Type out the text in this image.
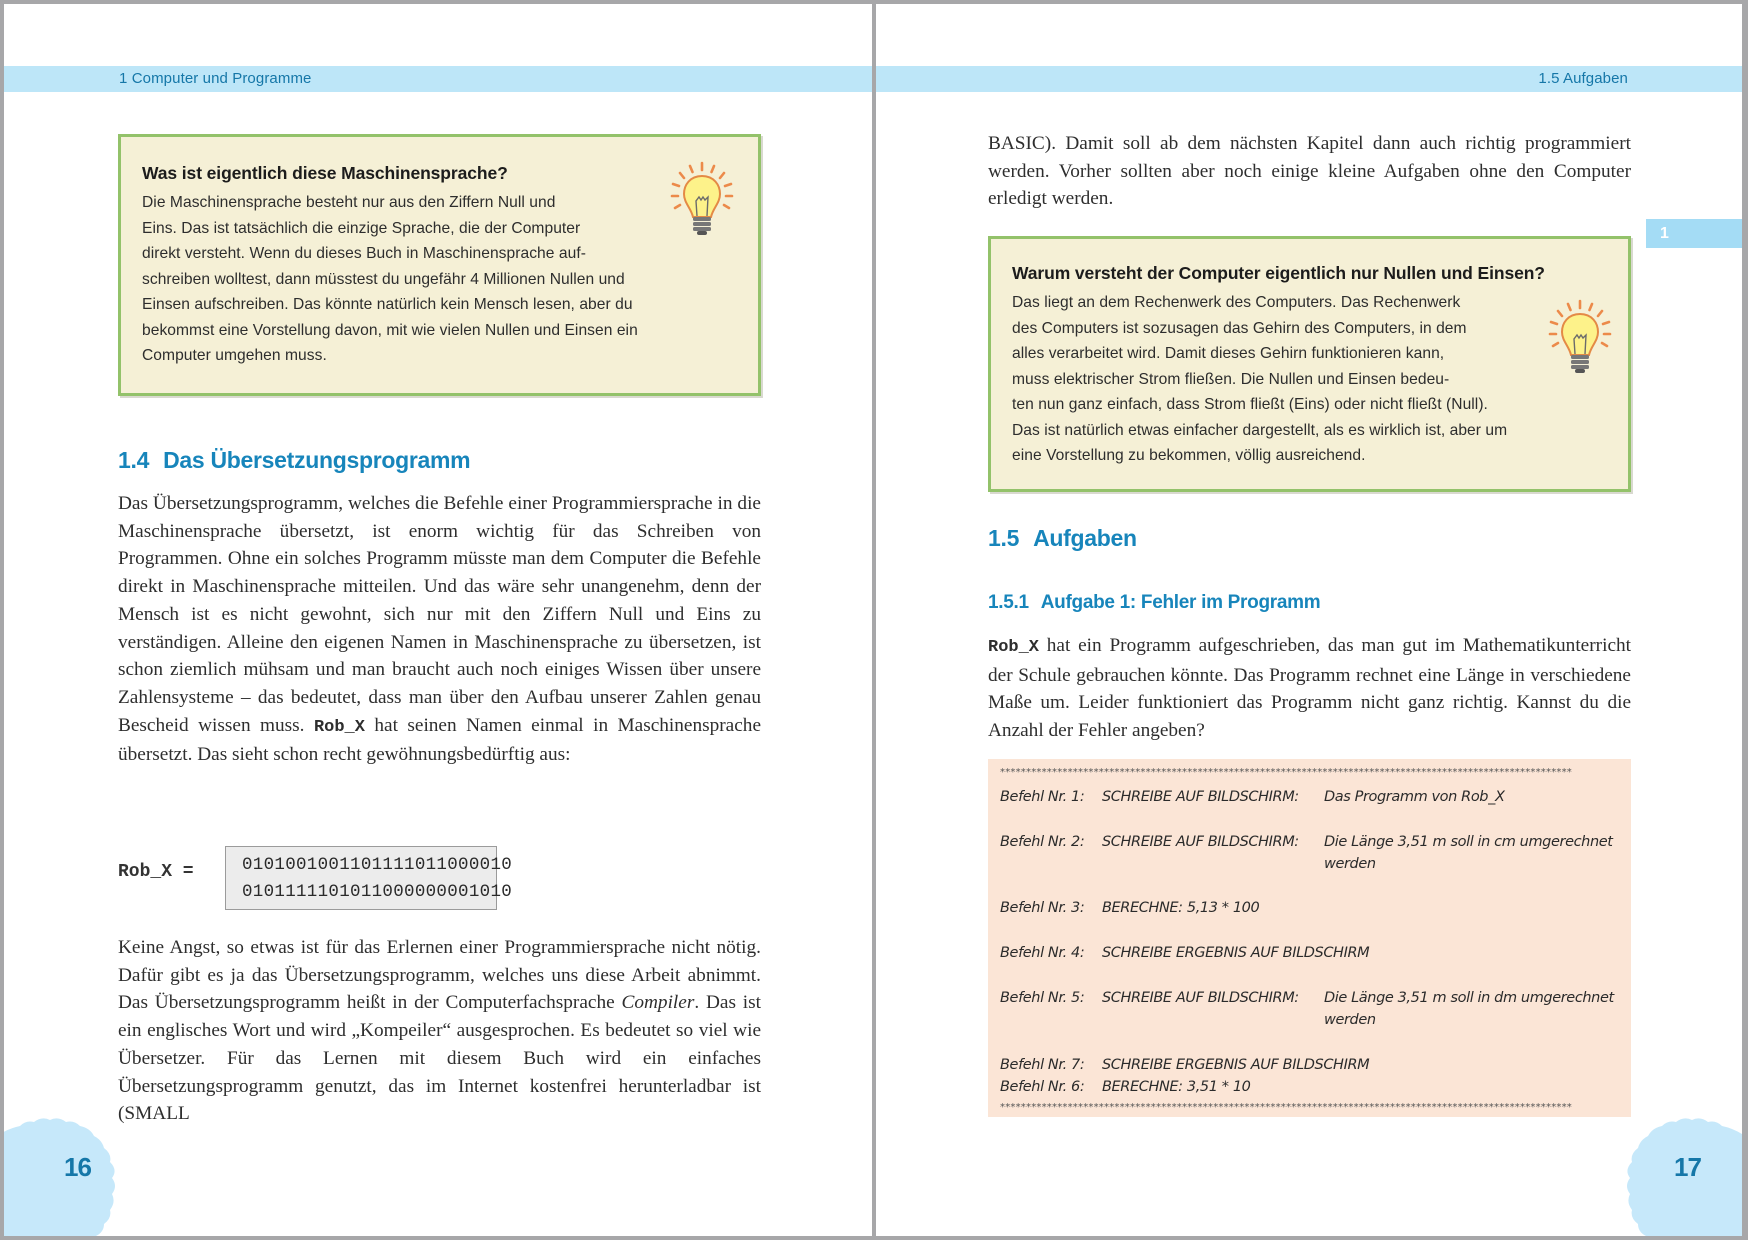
1 Computer und Programme
Was ist eigentlich diese Maschinensprache?

Die Maschinensprache besteht nur aus den Ziffern Null und
Eins. Das ist tatsächlich die einzige Sprache, die der Computer
direkt versteht. Wenn du dieses Buch in Maschinensprache auf-
schreiben wolltest, dann müsstest du ungefähr 4 Millionen Nullen und
Einsen aufschreiben. Das könnte natürlich kein Mensch lesen, aber du
bekommst eine Vorstellung davon, mit wie vielen Nullen und Einsen ein
Computer umgehen muss.

1.4 Das Übersetzungsprogramm

Das Übersetzungsprogramm, welches die Befehle einer Programmiersprache in die Maschinensprache übersetzt, ist enorm wichtig für das Schreiben von Programmen. Ohne ein solches Programm müsste man dem Computer die Befehle direkt in Maschinensprache mitteilen. Und das wäre sehr unangenehm, denn der Mensch ist es nicht gewohnt, sich nur mit den Ziffern Null und Eins zu verständigen. Alleine den eigenen Namen in Maschinensprache zu übersetzen, ist schon ziemlich mühsam und man braucht auch noch einiges Wissen über unsere Zahlensysteme – das bedeutet, dass man über den Aufbau unserer Zahlen genau Bescheid wissen muss. Rob_X hat seinen Namen einmal in Maschinensprache übersetzt. Das sieht schon recht gewöhnungsbedürftig aus:

Rob_X =	0101001001101111011000010
0101111101011000000001010

Keine Angst, so etwas ist für das Erlernen einer Programmiersprache nicht nötig. Dafür gibt es ja das Übersetzungsprogramm, welches uns diese Arbeit abnimmt. Das Übersetzungsprogramm heißt in der Computerfachsprache Compiler. Das ist ein englisches Wort und wird „Kompeiler“ ausgesprochen. Es bedeutet so viel wie Übersetzer. Für das Lernen mit diesem Buch wird ein einfaches Übersetzungsprogramm genutzt, das im Internet kostenfrei herunterladbar ist (SMALL

16
1.5 Aufgaben
1

BASIC). Damit soll ab dem nächsten Kapitel dann auch richtig programmiert werden. Vorher sollten aber noch einige kleine Aufgaben ohne den Computer erledigt werden.

Warum versteht der Computer eigentlich nur Nullen und Einsen?

Das liegt an dem Rechenwerk des Computers. Das Rechenwerk
des Computers ist sozusagen das Gehirn des Computers, in dem
alles verarbeitet wird. Damit dieses Gehirn funktionieren kann,
muss elektrischer Strom fließen. Die Nullen und Einsen bedeu-
ten nun ganz einfach, dass Strom fließt (Eins) oder nicht fließt (Null).
Das ist natürlich etwas einfacher dargestellt, als es wirklich ist, aber um
eine Vorstellung zu bekommen, völlig ausreichend.

1.5 Aufgaben
1.5.1 Aufgabe 1: Fehler im Programm

Rob_X hat ein Programm aufgeschrieben, das man gut im Mathematikunterricht der Schule gebrauchen könnte. Das Programm rechnet eine Länge in verschiedene Maße um. Leider funktioniert das Programm nicht ganz richtig. Kannst du die Anzahl der Fehler angeben?

**************************************************************************************************************
Befehl Nr. 1: SCHREIBE AUF BILDSCHIRM: Das Programm von Rob_X
Befehl Nr. 2: SCHREIBE AUF BILDSCHIRM: Die Länge 3,51 m soll in cm umgerechnet werden
Befehl Nr. 3: BERECHNE: 5,13 * 100
Befehl Nr. 4: SCHREIBE ERGEBNIS AUF BILDSCHIRM
Befehl Nr. 5: SCHREIBE AUF BILDSCHIRM: Die Länge 3,51 m soll in dm umgerechnet werden
Befehl Nr. 7: SCHREIBE ERGEBNIS AUF BILDSCHIRM
Befehl Nr. 6: BERECHNE: 3,51 * 10
**************************************************************************************************************
17
